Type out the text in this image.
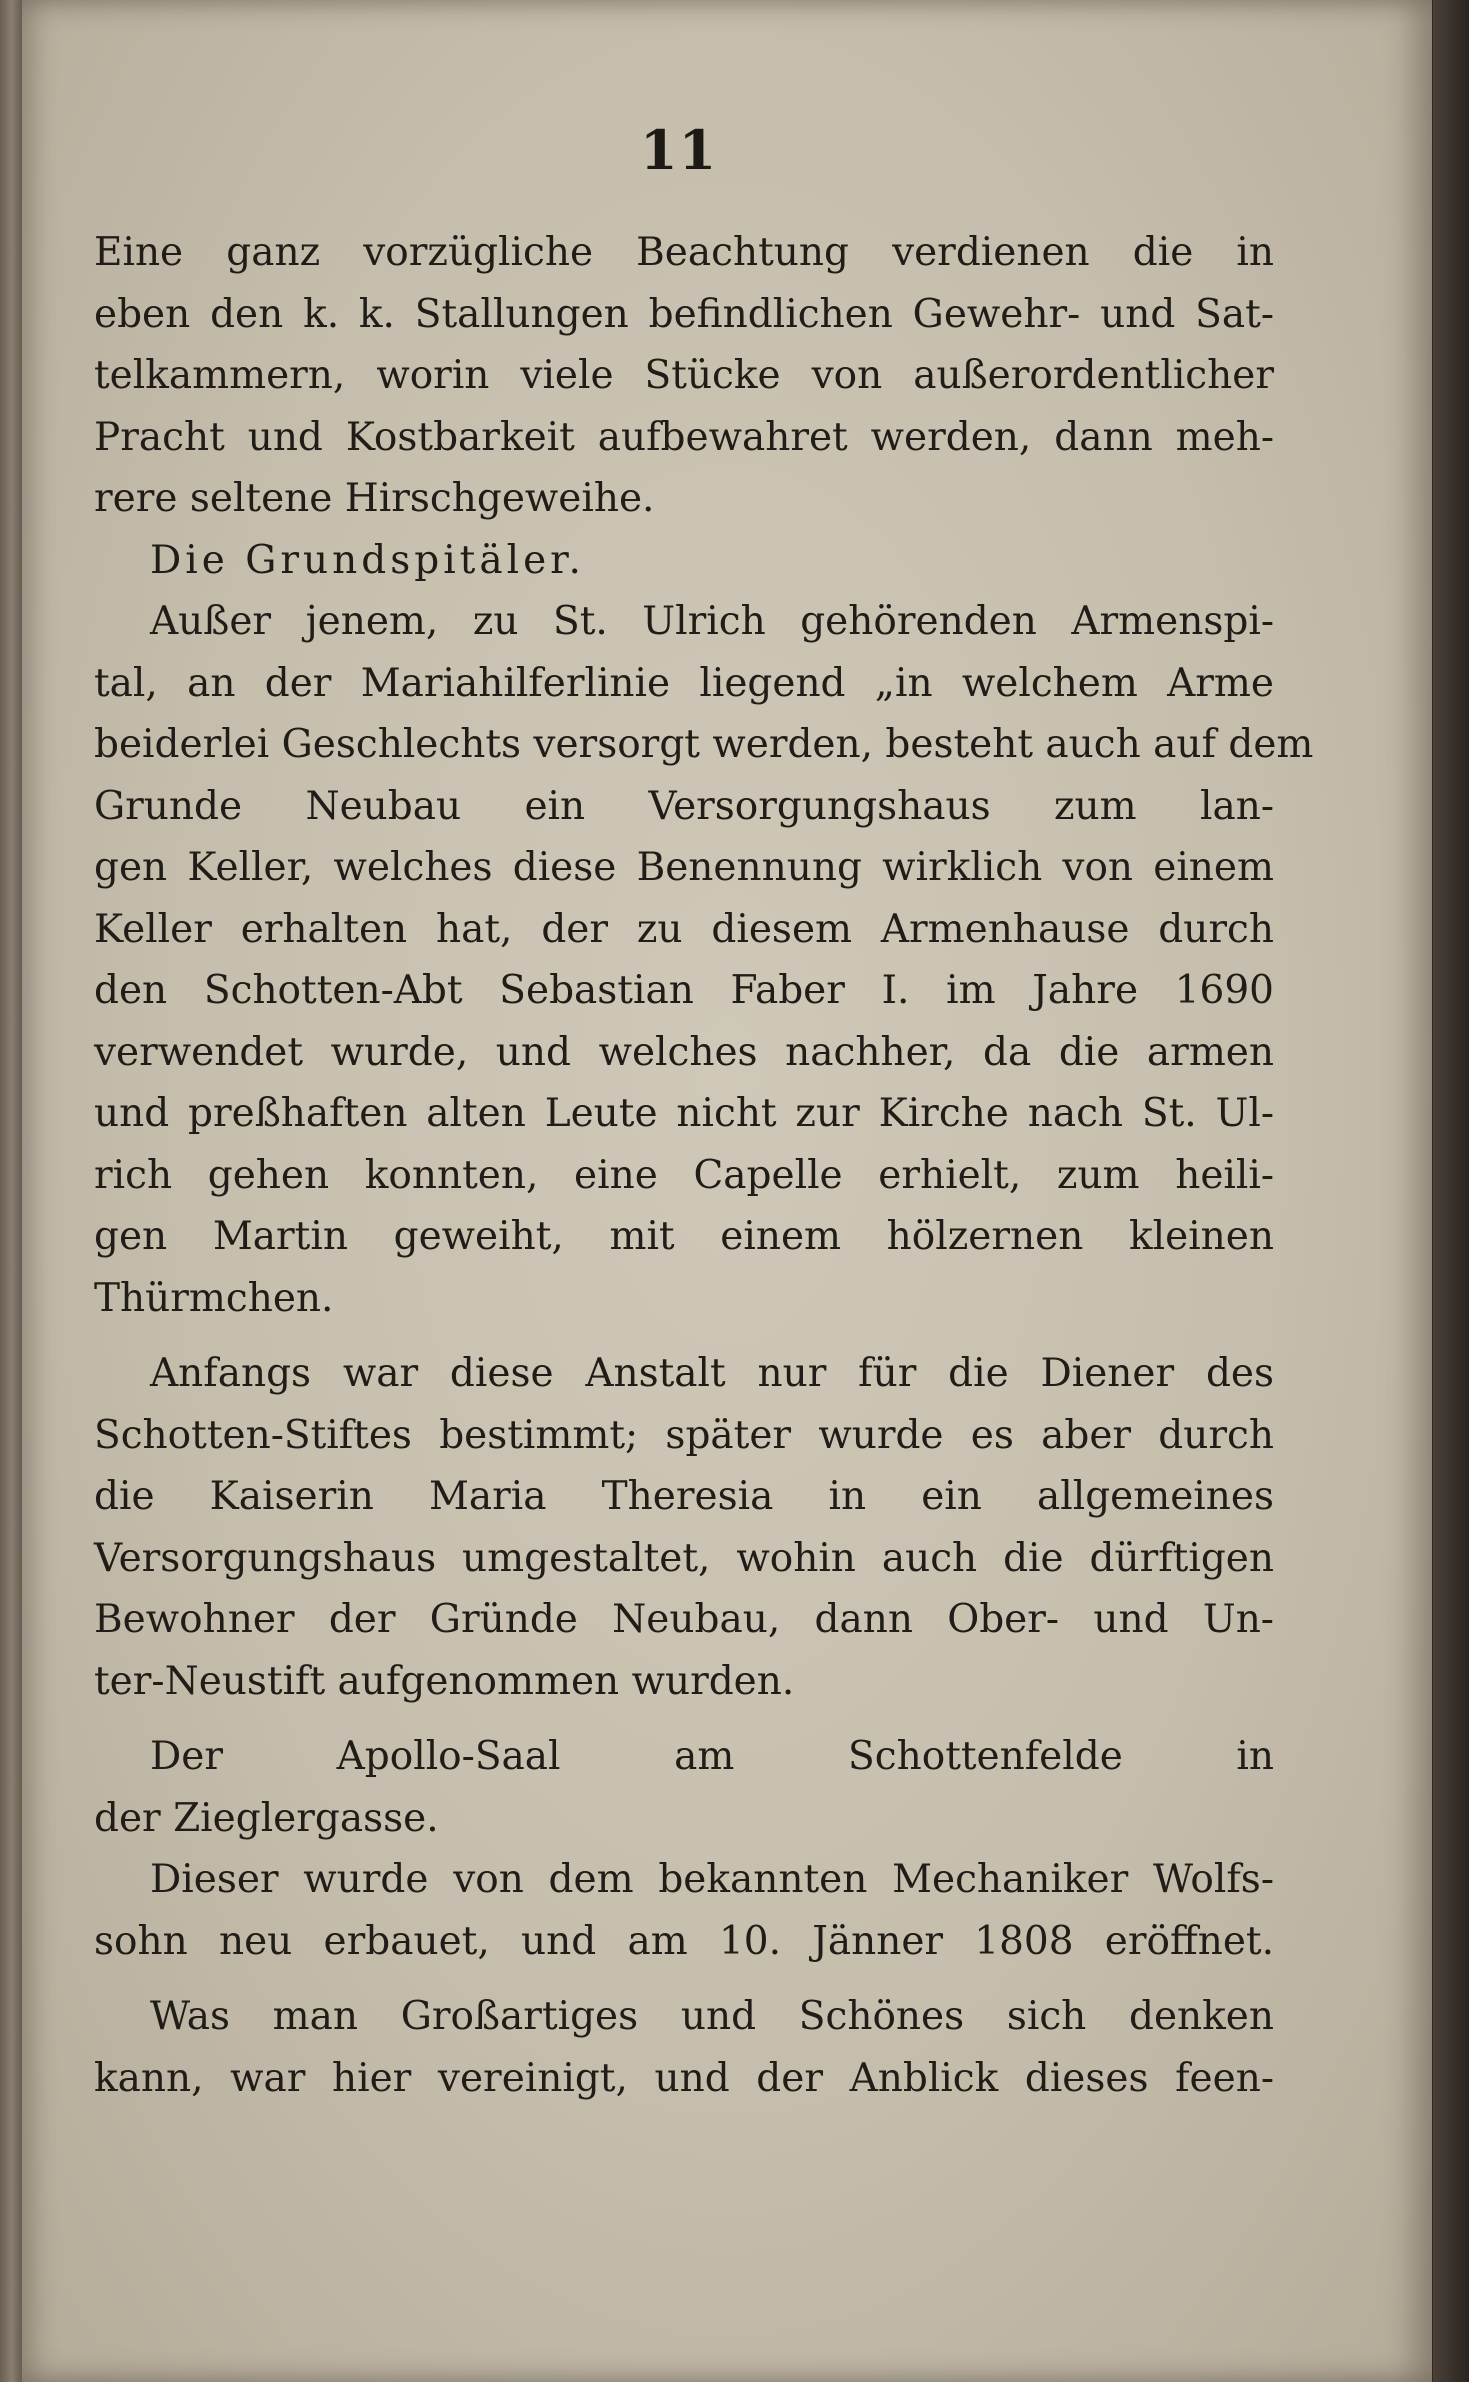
11
Eine ganz vorzügliche Beachtung verdienen die in
eben den k. k. Stallungen befindlichen Gewehr- und Sat-
telkammern, worin viele Stücke von außerordentlicher
Pracht und Kostbarkeit aufbewahret werden, dann meh-
rere seltene Hirschgeweihe.
Die Grundspitäler.
Außer jenem, zu St. Ulrich gehörenden Armenspi-
tal, an der Mariahilferlinie liegend „in welchem Arme
beiderlei Geschlechts versorgt werden, besteht auch auf dem
Grunde Neubau ein Versorgungshaus zum lan-
gen Keller, welches diese Benennung wirklich von einem
Keller erhalten hat, der zu diesem Armenhause durch
den Schotten-Abt Sebastian Faber I. im Jahre 1690
verwendet wurde, und welches nachher, da die armen
und preßhaften alten Leute nicht zur Kirche nach St. Ul-
rich gehen konnten, eine Capelle erhielt, zum heili-
gen Martin geweiht, mit einem hölzernen kleinen
Thürmchen.
Anfangs war diese Anstalt nur für die Diener des
Schotten-Stiftes bestimmt; später wurde es aber durch
die Kaiserin Maria Theresia in ein allgemeines
Versorgungshaus umgestaltet, wohin auch die dürftigen
Bewohner der Gründe Neubau, dann Ober- und Un-
ter-Neustift aufgenommen wurden.
Der Apollo-Saal am Schottenfelde in
der Zieglergasse.
Dieser wurde von dem bekannten Mechaniker Wolfs-
sohn neu erbauet, und am 10. Jänner 1808 eröffnet.
Was man Großartiges und Schönes sich denken
kann, war hier vereinigt, und der Anblick dieses feen-
